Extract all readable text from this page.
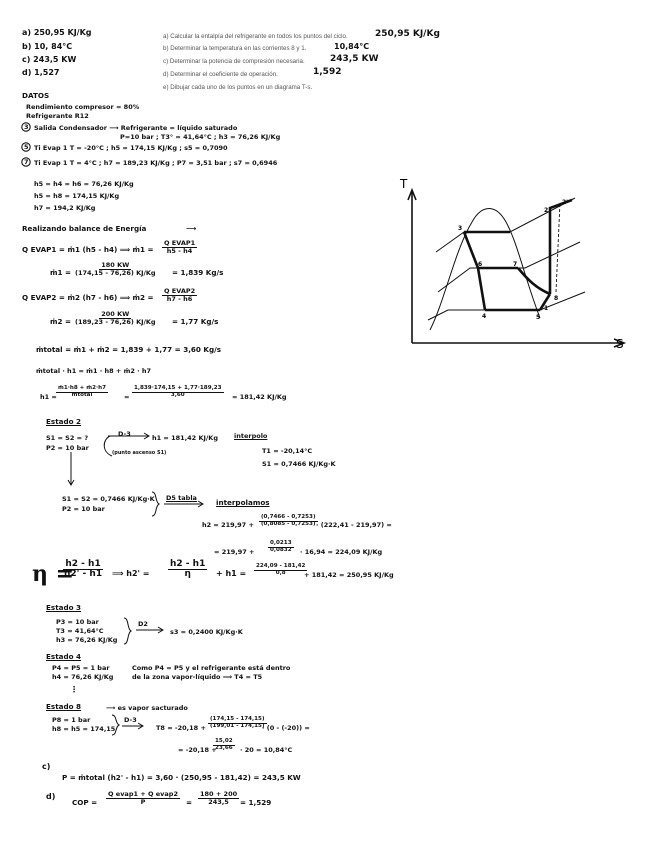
a) 250,95 KJ/Kg
b) 10, 84°C
c) 243,5 KW
d) 1,527
a) Calcular la entalpía del refrigerante en todos los puntos del ciclo.	250,95 KJ/Kg
b) Determinar la temperatura en las corrientes 8 y 1.	10,84°C
c) Determinar la potencia de compresión necesaria.	243,5 KW
d) Determinar el coeficiente de operación.	1,592
e) Dibujar cada uno de los puntos en un diagrama T-s.
DATOS
Rendimiento compresor = 80%
Refrigerante R12
3 Salida Condensador ⟶ Refrigerante = líquido saturado
P=10 bar ; T3° = 41,64°C ; h3 = 76,26 KJ/Kg
5 Ti Evap 1 T = -20°C ; h5 = 174,15 KJ/Kg ; s5 = 0,7090
7 Ti Evap 1 T = 4°C ; h7 = 189,23 KJ/Kg ; P7 = 3,51 bar ; s7 = 0,6946
h5 = h4 = h6 = 76,26 KJ/Kg
h5 = h8 = 174,15 KJ/Kg
h7 = 194,2 KJ/Kg
Realizando balance de Energía	⟶
Q EVAP1 = ṁ1 (h5 - h4) ⟹ ṁ1 =
Q EVAP1
h5 - h4
ṁ1 = $\frac{180 KW}{(174,15 - 76,26) KJ/Kg} = 1,839$ Kg/s
Q EVAP2 = ṁ2 (h7 - h6) ⟹ ṁ2 =
Q EVAP2
h7 - h6
ṁ2 = $\frac{200 KW}{(189,23 - 76,26) KJ/Kg} = 1,77$ Kg/s
ṁtotal = ṁ1 + ṁ2 = 1,839 + 1,77 = 3,60 Kg/s
ṁtotal · h1 = ṁ1 · h8 + ṁ2 · h7
h1 =
ṁ1·h8 + ṁ2·h7
ṁtotal	= $\frac{1,839\cdot 174,15 + 1,77\cdot 189,23}{3,60} = 181,42$ KJ/Kg
Estado 2
S1 = S2 = ?
P2 = 10 bar
D-3	h1 = 181,42 KJ/Kg interpolo
(punto ascenso S1)	T1 = -20,14°C
S1 = 0,7466 KJ/Kg·K
S1 = S2 = 0,7466 KJ/Kg·K
P2 = 10 bar
D5 tabla	interpolamos
$h2 = 219,97 + \frac{(0,7466 - 0,7253)}{(0,8085 - 0,7253)}$
· (222,41 - 219,97) =
= $219,97 + \frac{0,0213}{0,0832} \cdot 16,94 = 224,09$ KJ/Kg
η =
$\frac{h2 - h1}{h2' - h1}$ ⟹ $h2' = \frac{h2 - h1}{\eta} + h1 = \frac{224,09 - 181,42}{0,8}$
+ 181,42 = 250,95 KJ/Kg
Estado 3
P3 = 10 bar
T3 = 41,64°C
h3 = 76,26 KJ/Kg
D2
s3 = 0,2400 KJ/Kg·K
Estado 4
P4 = P5 = 1 bar
h4 = 76,26 KJ/Kg
Como P4 = P5 y el refrigerante está dentro
de la zona vapor-líquido ⟹ T4 = T5
⋮
Estado 8	⟶ es vapor sacturado
P8 = 1 bar
h8 = h5 = 174,15
D-3
$T8 = -20,18 + \frac{(174,15 - 174,15)}{(199,01 - 174,15)}$
· (0 - (-20)) =
= -20,18 +
$\frac{15,02}{23,66} \cdot 20 = 10,84^\circ C$
c)
P = ṁtotal (h2' - h1) = 3,60 · (250,95 - 181,42) = 243,5 KW
d)
COP =
Q evap1 + Q evap2
P	= $\frac{180 + 200}{243,5} = 1,529$
T
S
3
6
4	5
7
8
1
2
2'
